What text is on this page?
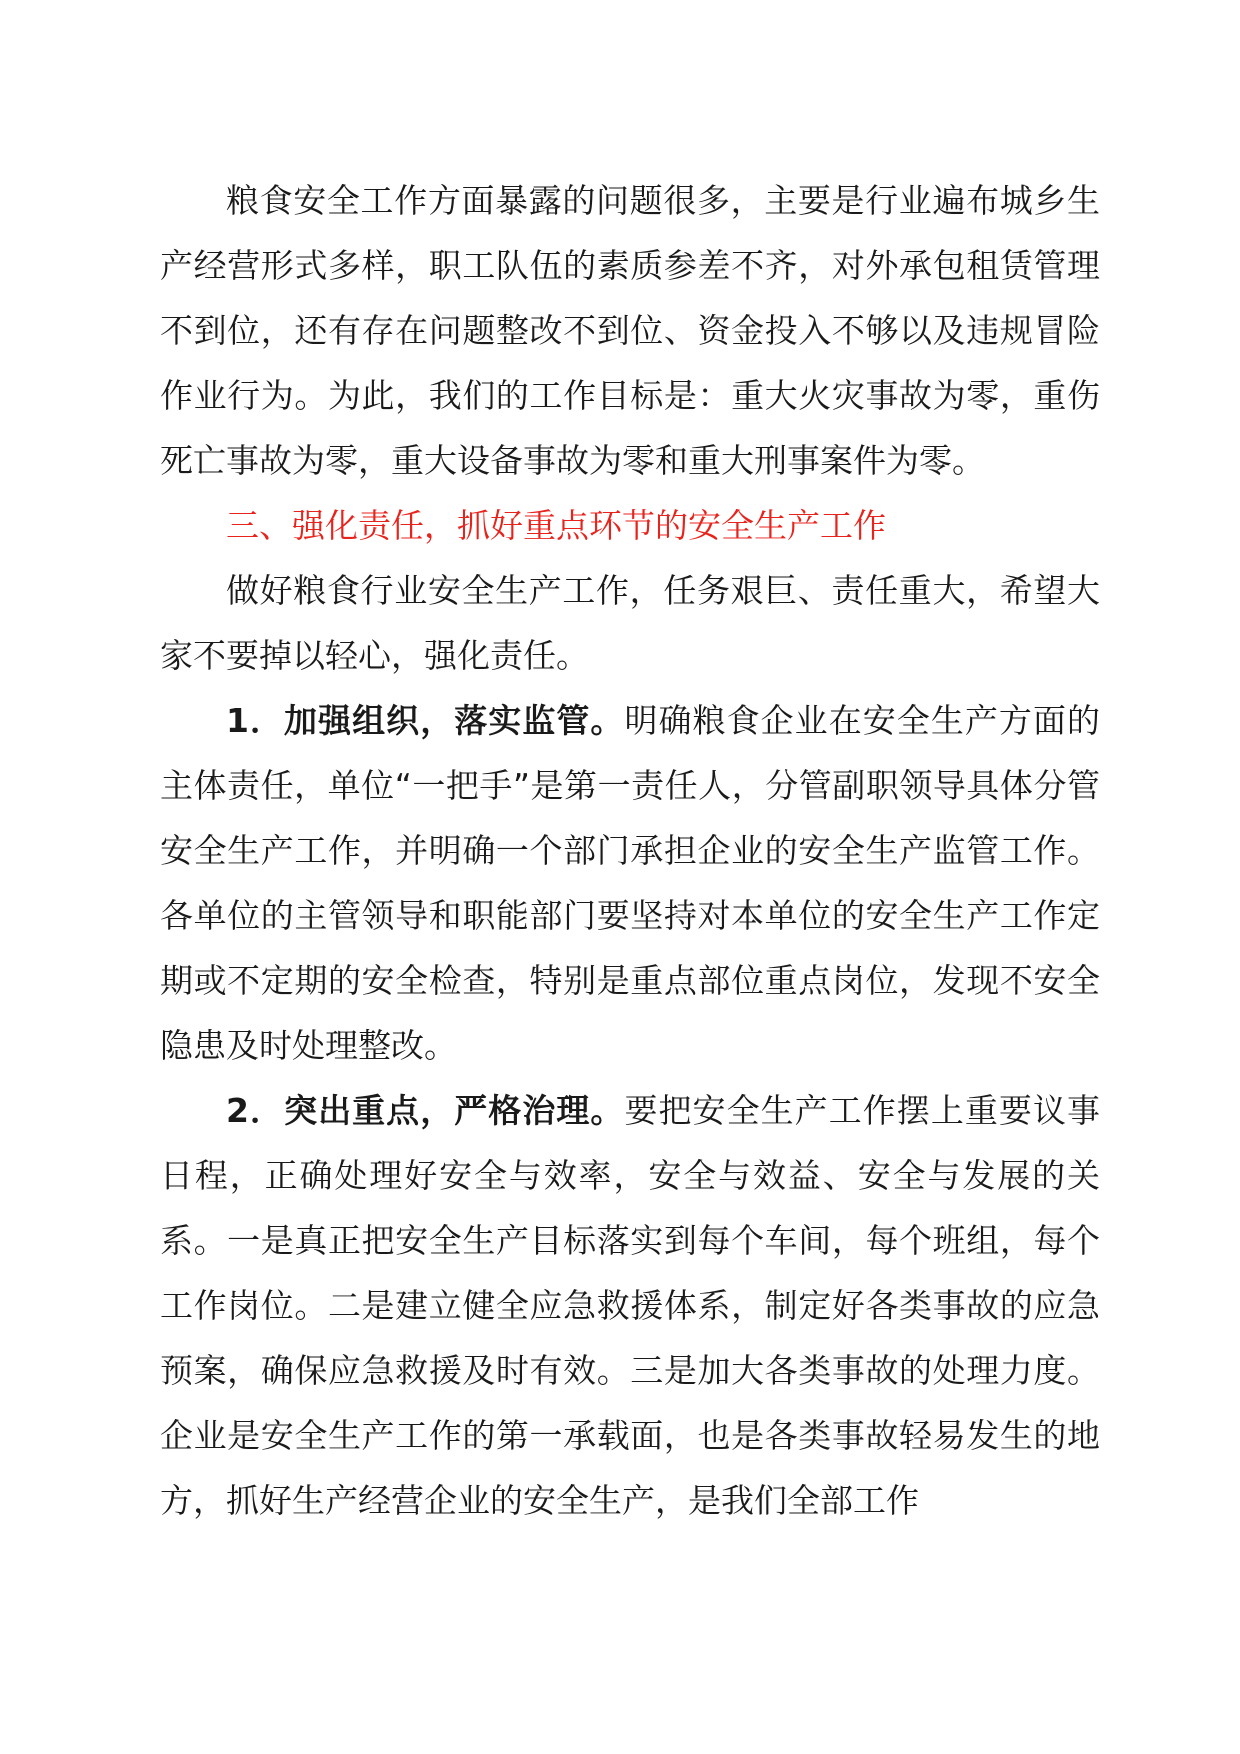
粮食安全工作方面暴露的问题很多，主要是行业遍布城乡生产经营形式多样，职工队伍的素质参差不齐，对外承包租赁管理不到位，还有存在问题整改不到位、资金投入不够以及违规冒险作业行为。为此，我们的工作目标是：重大火灾事故为零，重伤死亡事故为零，重大设备事故为零和重大刑事案件为零。

三、强化责任，抓好重点环节的安全生产工作

做好粮食行业安全生产工作，任务艰巨、责任重大，希望大家不要掉以轻心，强化责任。

1．加强组织，落实监管。明确粮食企业在安全生产方面的主体责任，单位“一把手”是第一责任人，分管副职领导具体分管安全生产工作，并明确一个部门承担企业的安全生产监管工作。各单位的主管领导和职能部门要坚持对本单位的安全生产工作定期或不定期的安全检查，特别是重点部位重点岗位，发现不安全隐患及时处理整改。

2．突出重点，严格治理。要把安全生产工作摆上重要议事日程，正确处理好安全与效率，安全与效益、安全与发展的关系。一是真正把安全生产目标落实到每个车间，每个班组，每个工作岗位。二是建立健全应急救援体系，制定好各类事故的应急预案，确保应急救援及时有效。三是加大各类事故的处理力度。企业是安全生产工作的第一承载面，也是各类事故轻易发生的地方，抓好生产经营企业的安全生产，是我们全部工作
